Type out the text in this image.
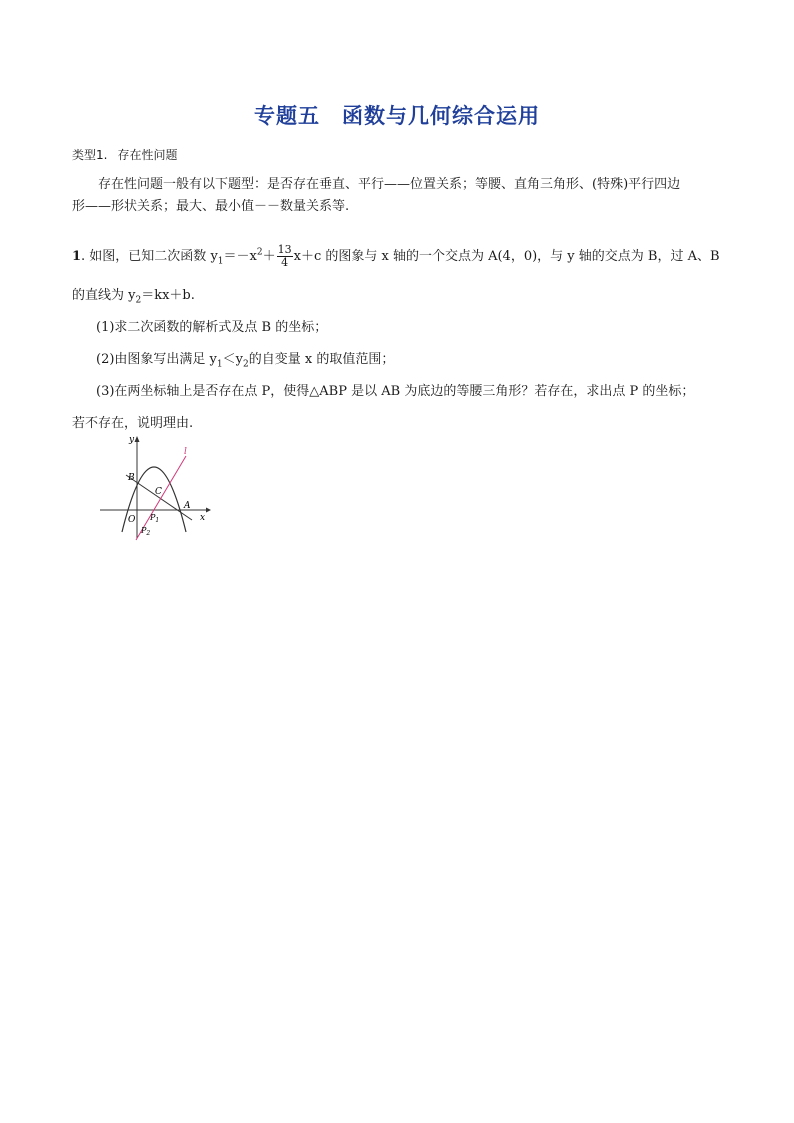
专题五 函数与几何综合运用
类型1. 存在性问题
存在性问题一般有以下题型：是否存在垂直、平行——位置关系；等腰、直角三角形、(特殊)平行四边
形——形状关系；最大、最小值－－数量关系等.
1. 如图，已知二次函数 $y_1=-x^2+ \frac{13}{4} x+c$ 的图象与 x 轴的一个交点为 A(4，0)，与 y 轴的交点为 B，过 A、B
的直线为 $y_2=kx+b$.
(1)求二次函数的解析式及点 B 的坐标；
(2)由图象写出满足 $y_1<y_2$的自变量 x 的取值范围；
(3)在两坐标轴上是否存在点 P，使得△ABP 是以 AB 为底边的等腰三角形？若存在，求出点 P 的坐标；
若不存在，说明理由.
y
x
O
B
A
C
l
$P_1$
$P_2$
